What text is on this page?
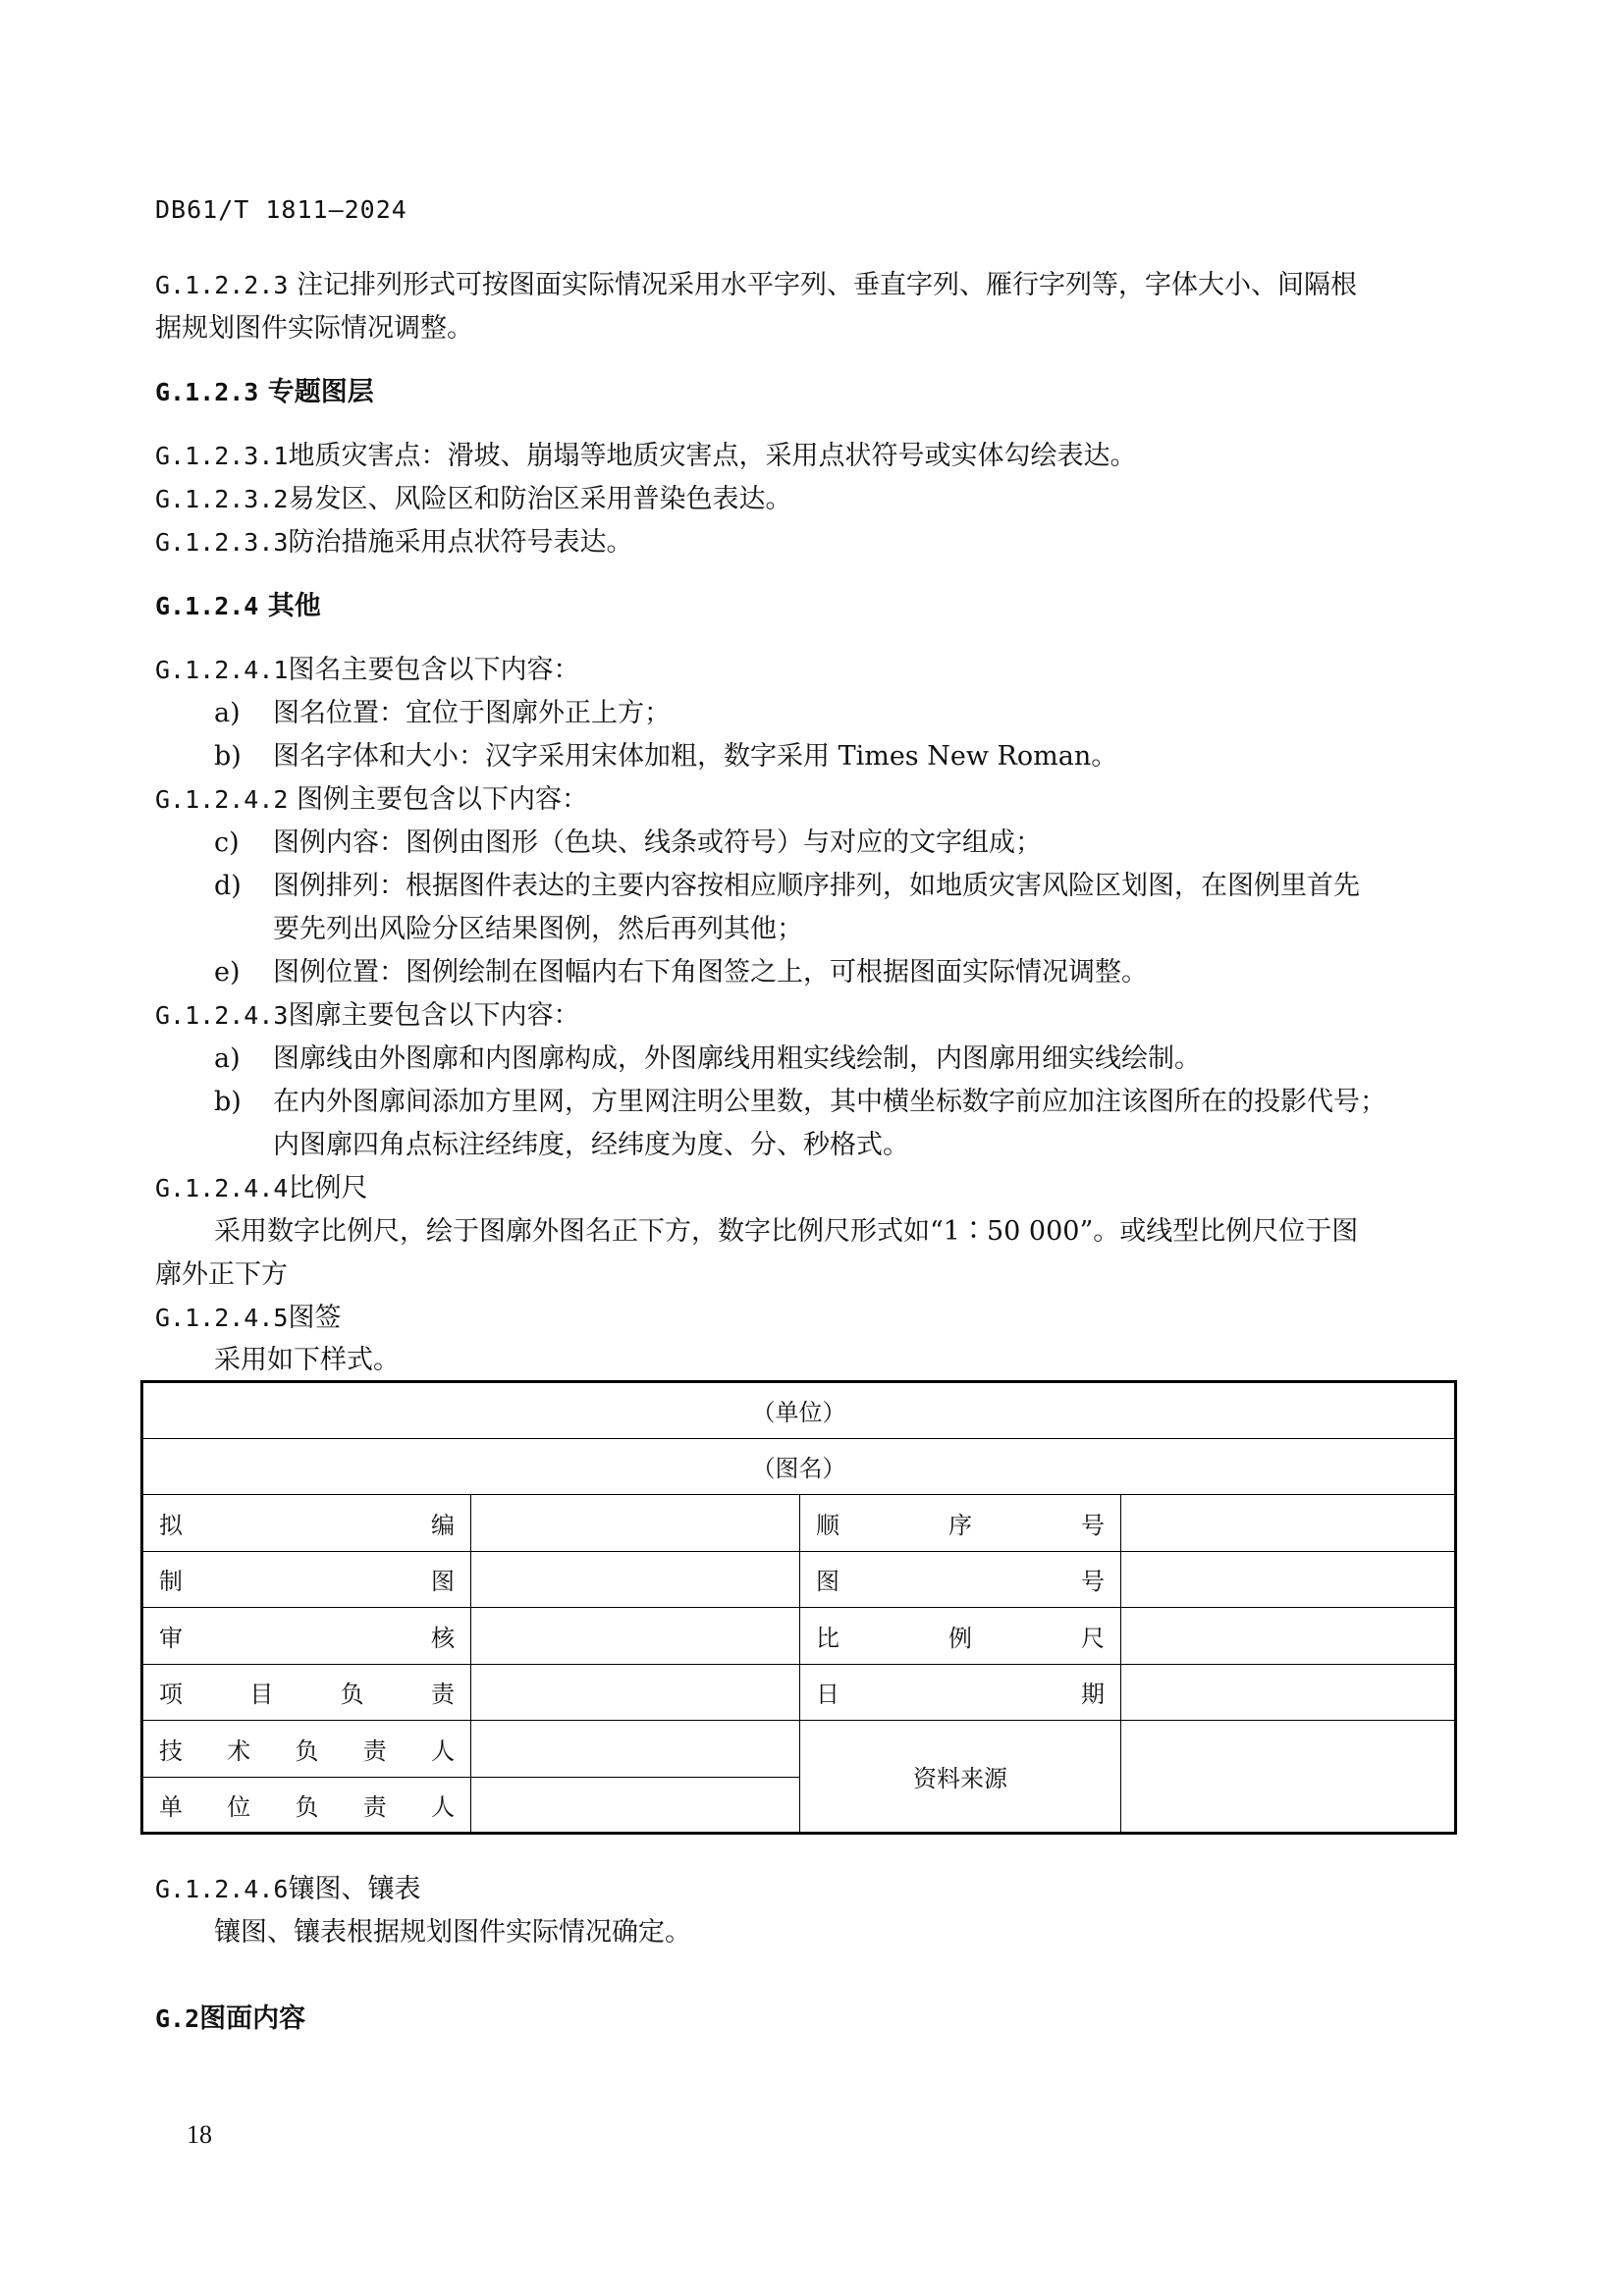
DB61/T 1811—2024
G.1.2.2.3 注记排列形式可按图面实际情况采用水平字列、垂直字列、雁行字列等，字体大小、间隔根
据规划图件实际情况调整。
G.1.2.3 专题图层
G.1.2.3.1地质灾害点：滑坡、崩塌等地质灾害点，采用点状符号或实体勾绘表达。
G.1.2.3.2易发区、风险区和防治区采用普染色表达。
G.1.2.3.3防治措施采用点状符号表达。
G.1.2.4 其他
G.1.2.4.1图名主要包含以下内容：
a)	图名位置：宜位于图廓外正上方；
b)	图名字体和大小：汉字采用宋体加粗，数字采用 Times New Roman。
G.1.2.4.2 图例主要包含以下内容：
c)	图例内容：图例由图形（色块、线条或符号）与对应的文字组成；
d)	图例排列：根据图件表达的主要内容按相应顺序排列，如地质灾害风险区划图，在图例里首先
要先列出风险分区结果图例，然后再列其他；
e)	图例位置：图例绘制在图幅内右下角图签之上，可根据图面实际情况调整。
G.1.2.4.3图廓主要包含以下内容：
a)	图廓线由外图廓和内图廓构成，外图廓线用粗实线绘制，内图廓用细实线绘制。
b)	在内外图廓间添加方里网，方里网注明公里数，其中横坐标数字前应加注该图所在的投影代号；
内图廓四角点标注经纬度，经纬度为度、分、秒格式。
G.1.2.4.4比例尺
采用数字比例尺，绘于图廓外图名正下方，数字比例尺形式如“1∶50 000”。或线型比例尺位于图
廓外正下方
G.1.2.4.5图签
采用如下样式。
（单位）			
（图名）			
拟编		顺序号	
制图		图号	
审核		比例尺	
项目负责		日期	
技术负责人		资料来源	
单位负责人			
G.1.2.4.6镶图、镶表
镶图、镶表根据规划图件实际情况确定。
G.2图面内容
18
